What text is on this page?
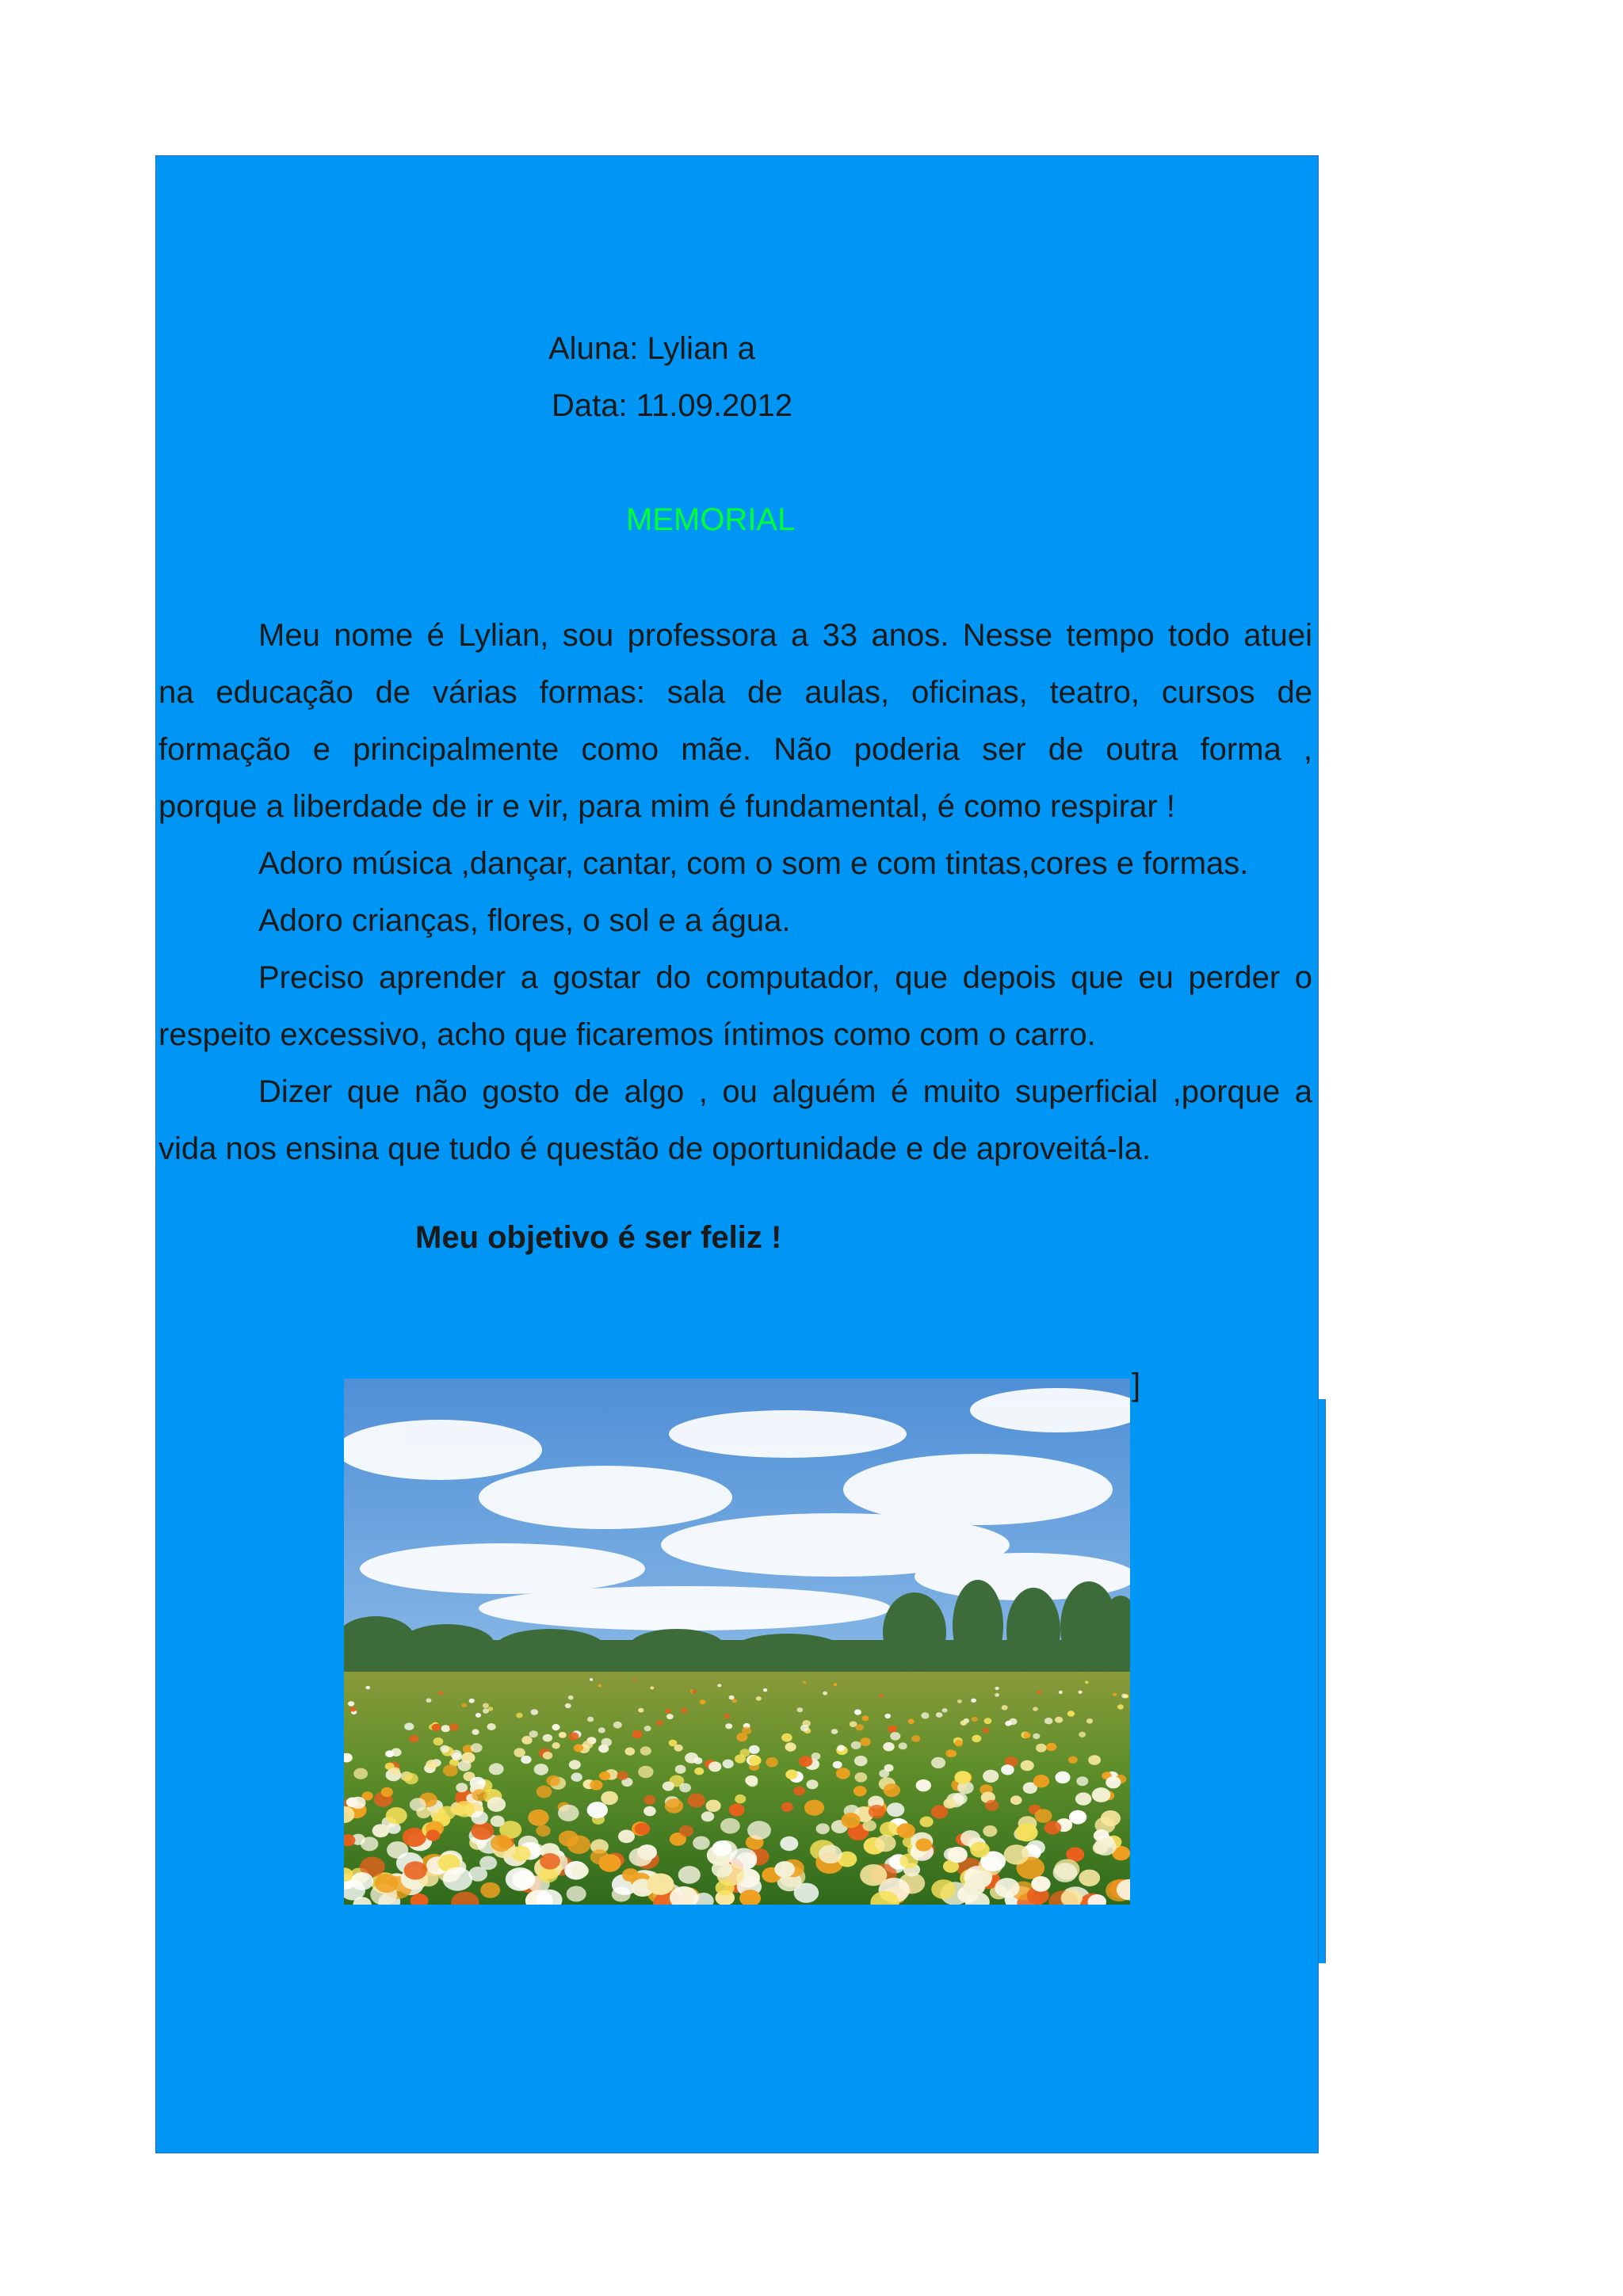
Aluna: Lylian a
Data: 11.09.2012
MEMORIAL
Meu nome é Lylian, sou professora a 33 anos. Nesse tempo todo atuei
na educação de várias formas: sala de aulas, oficinas, teatro, cursos de
formação e principalmente como mãe. Não poderia ser de outra forma ,
porque a liberdade de ir e vir, para mim é fundamental, é como respirar !
Adoro música ,dançar, cantar, com o som e com tintas,cores e formas.
Adoro crianças, flores, o sol e a água.
Preciso aprender a gostar do computador, que depois que eu perder o
respeito excessivo, acho que ficaremos íntimos como com o carro.
Dizer que não gosto de algo , ou alguém é muito superficial ,porque a
vida nos ensina que tudo é questão de oportunidade e de aproveitá-la.
Meu objetivo é ser feliz !
]
